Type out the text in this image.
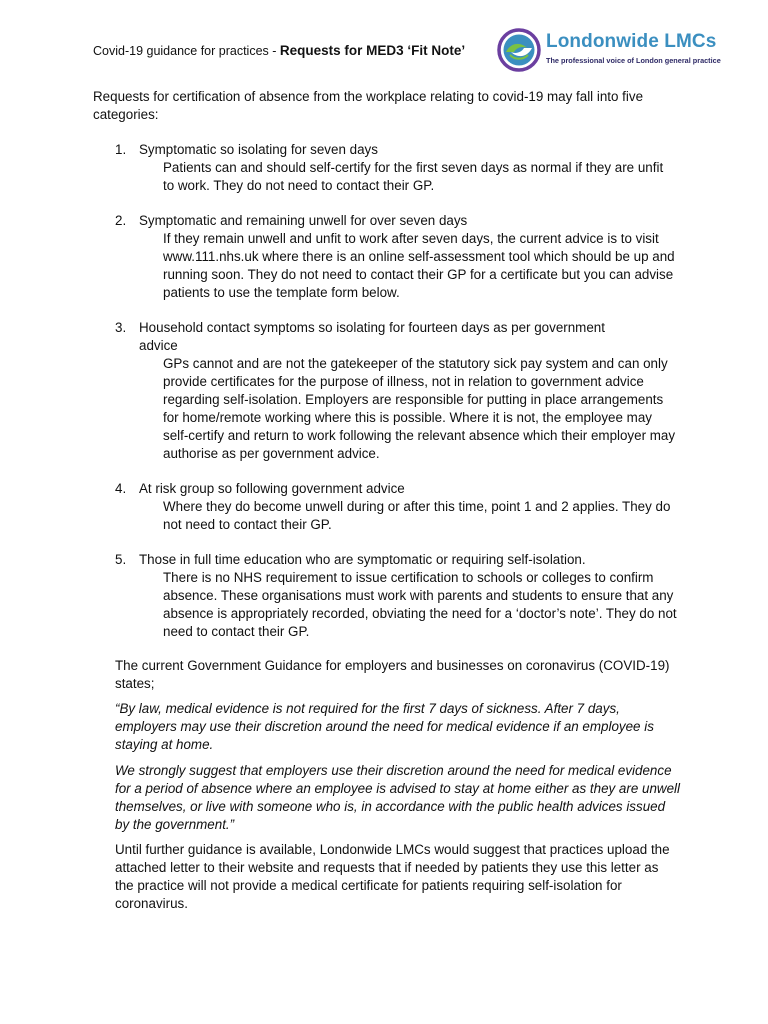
Covid-19 guidance for practices - Requests for MED3 ‘Fit Note’	Londonwide LMCs
The professional voice of London general practice
Requests for certification of absence from the workplace relating to covid-19 may fall into five categories:
1. Symptomatic so isolating for seven days
Patients can and should self-certify for the first seven days as normal if they are unfit to work. They do not need to contact their GP.
2. Symptomatic and remaining unwell for over seven days
If they remain unwell and unfit to work after seven days, the current advice is to visit www.111.nhs.uk where there is an online self-assessment tool which should be up and running soon. They do not need to contact their GP for a certificate but you can advise patients to use the template form below.
3. Household contact symptoms so isolating for fourteen days as per government
advice
GPs cannot and are not the gatekeeper of the statutory sick pay system and can only provide certificates for the purpose of illness, not in relation to government advice regarding self-isolation. Employers are responsible for putting in place arrangements for home/remote working where this is possible. Where it is not, the employee may self-certify and return to work following the relevant absence which their employer may authorise as per government advice.
4. At risk group so following government advice
Where they do become unwell during or after this time, point 1 and 2 applies. They do not need to contact their GP.
5. Those in full time education who are symptomatic or requiring self-isolation.
There is no NHS requirement to issue certification to schools or colleges to confirm absence. These organisations must work with parents and students to ensure that any absence is appropriately recorded, obviating the need for a ‘doctor’s note’. They do not need to contact their GP.
The current Government Guidance for employers and businesses on coronavirus (COVID-19) states;
“By law, medical evidence is not required for the first 7 days of sickness. After 7 days, employers may use their discretion around the need for medical evidence if an employee is staying at home.
We strongly suggest that employers use their discretion around the need for medical evidence for a period of absence where an employee is advised to stay at home either as they are unwell themselves, or live with someone who is, in accordance with the public health advices issued by the government.”
Until further guidance is available, Londonwide LMCs would suggest that practices upload the attached letter to their website and requests that if needed by patients they use this letter as the practice will not provide a medical certificate for patients requiring self-isolation for coronavirus.
